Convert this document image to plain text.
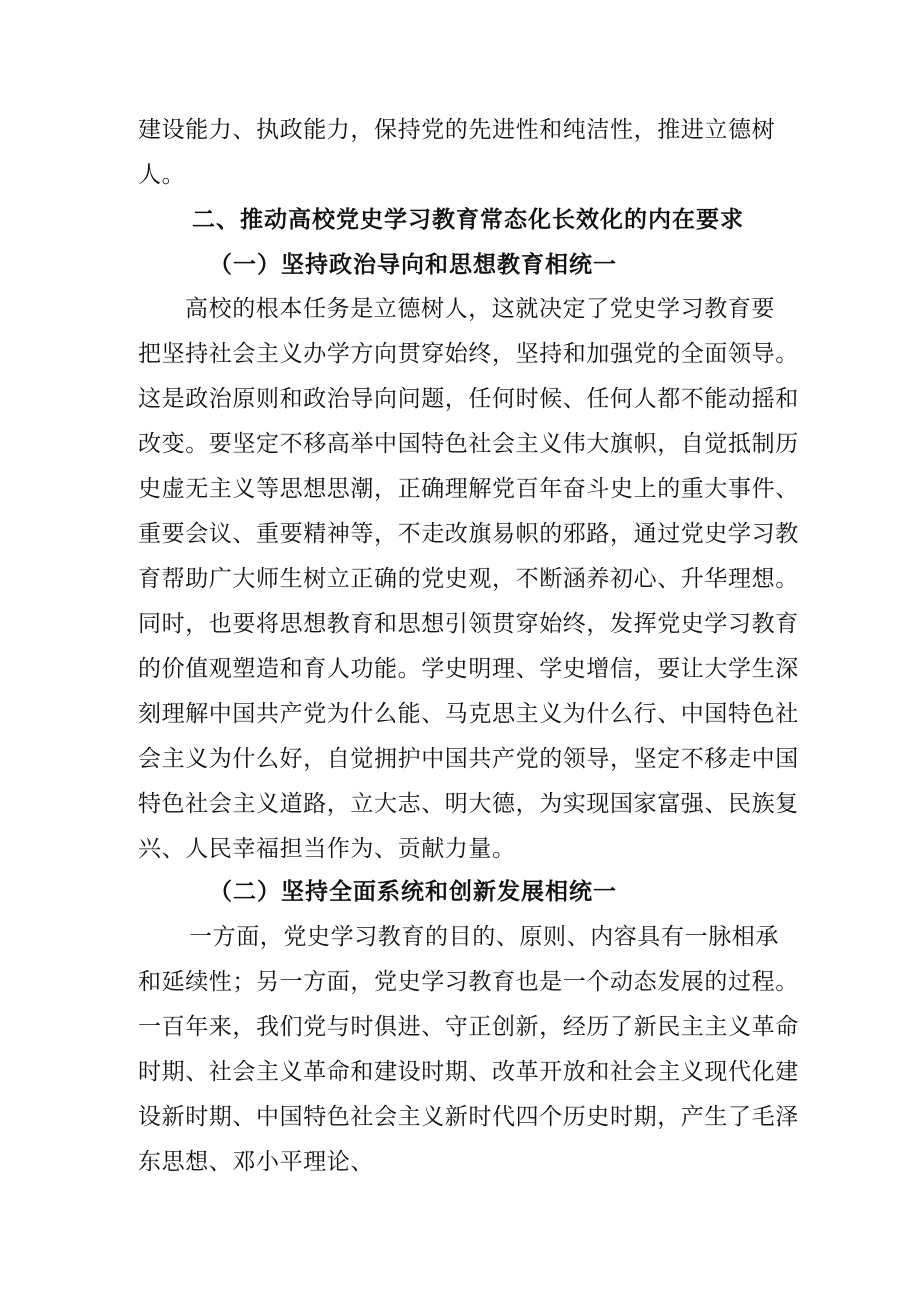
建设能力、执政能力，保持党的先进性和纯洁性，推进立德树
人。
二、推动高校党史学习教育常态化长效化的内在要求
（一）坚持政治导向和思想教育相统一
高校的根本任务是立德树人，这就决定了党史学习教育要
把坚持社会主义办学方向贯穿始终，坚持和加强党的全面领导。
这是政治原则和政治导向问题，任何时候、任何人都不能动摇和
改变。要坚定不移高举中国特色社会主义伟大旗帜，自觉抵制历
史虚无主义等思想思潮，正确理解党百年奋斗史上的重大事件、
重要会议、重要精神等，不走改旗易帜的邪路，通过党史学习教
育帮助广大师生树立正确的党史观，不断涵养初心、升华理想。
同时，也要将思想教育和思想引领贯穿始终，发挥党史学习教育
的价值观塑造和育人功能。学史明理、学史增信，要让大学生深
刻理解中国共产党为什么能、马克思主义为什么行、中国特色社
会主义为什么好，自觉拥护中国共产党的领导，坚定不移走中国
特色社会主义道路，立大志、明大德，为实现国家富强、民族复
兴、人民幸福担当作为、贡献力量。
（二）坚持全面系统和创新发展相统一
一方面，党史学习教育的目的、原则、内容具有一脉相承
和延续性；另一方面，党史学习教育也是一个动态发展的过程。
一百年来，我们党与时俱进、守正创新，经历了新民主主义革命
时期、社会主义革命和建设时期、改革开放和社会主义现代化建
设新时期、中国特色社会主义新时代四个历史时期，产生了毛泽
东思想、邓小平理论、
